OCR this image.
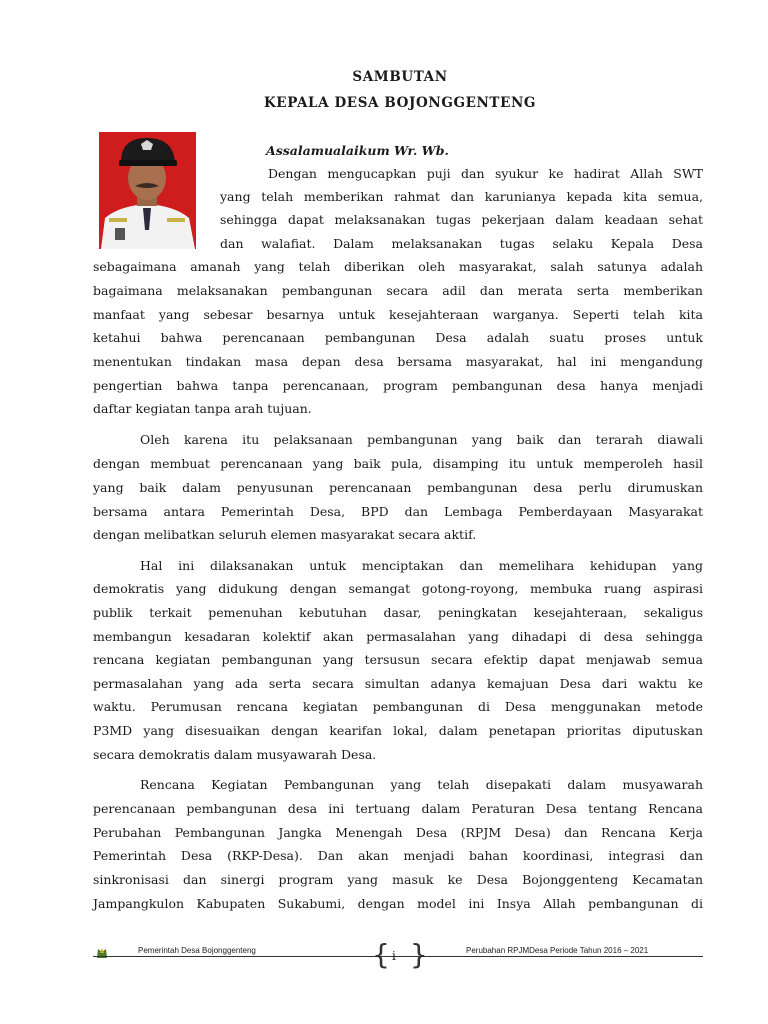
SAMBUTAN
KEPALA DESA BOJONGGENTENG
Assalamualaikum Wr. Wb.
Dengan mengucapkan puji dan syukur ke hadirat Allah SWT
yang telah memberikan rahmat dan karunianya kepada kita semua,
sehingga dapat melaksanakan tugas pekerjaan dalam keadaan sehat
dan walafiat. Dalam melaksanakan tugas selaku Kepala Desa
sebagaimana amanah yang telah diberikan oleh masyarakat, salah satunya adalah
bagaimana melaksanakan pembangunan secara adil dan merata serta memberikan
manfaat yang sebesar besarnya untuk kesejahteraan warganya. Seperti telah kita
ketahui bahwa perencanaan pembangunan Desa adalah suatu proses untuk
menentukan tindakan masa depan desa bersama masyarakat, hal ini mengandung
pengertian bahwa tanpa perencanaan, program pembangunan desa hanya menjadi
daftar kegiatan tanpa arah tujuan.
Oleh karena itu pelaksanaan pembangunan yang baik dan terarah diawali
dengan membuat perencanaan yang baik pula, disamping itu untuk memperoleh hasil
yang baik dalam penyusunan perencanaan pembangunan desa perlu dirumuskan
bersama antara Pemerintah Desa, BPD dan Lembaga Pemberdayaan Masyarakat
dengan melibatkan seluruh elemen masyarakat secara aktif.
Hal ini dilaksanakan untuk menciptakan dan memelihara kehidupan yang
demokratis yang didukung dengan semangat gotong-royong, membuka ruang aspirasi
publik terkait pemenuhan kebutuhan dasar, peningkatan kesejahteraan, sekaligus
membangun kesadaran kolektif akan permasalahan yang dihadapi di desa sehingga
rencana kegiatan pembangunan yang tersusun secara efektip dapat menjawab semua
permasalahan yang ada serta secara simultan adanya kemajuan Desa dari waktu ke
waktu. Perumusan rencana kegiatan pembangunan di Desa menggunakan metode
P3MD yang disesuaikan dengan kearifan lokal, dalam penetapan prioritas diputuskan
secara demokratis dalam musyawarah Desa.
Rencana Kegiatan Pembangunan yang telah disepakati dalam musyawarah
perencanaan pembangunan desa ini tertuang dalam Peraturan Desa tentang Rencana
Perubahan Pembangunan Jangka Menengah Desa (RPJM Desa) dan Rencana Kerja
Pemerintah Desa (RKP-Desa). Dan akan menjadi bahan koordinasi, integrasi dan
sinkronisasi dan sinergi program yang masuk ke Desa Bojonggenteng Kecamatan
Jampangkulon Kabupaten Sukabumi, dengan model ini Insya Allah pembangunan di
Pemerintah Desa Bojonggenteng	{ }
i	Perubahan RPJMDesa Periode Tahun 2016 – 2021
